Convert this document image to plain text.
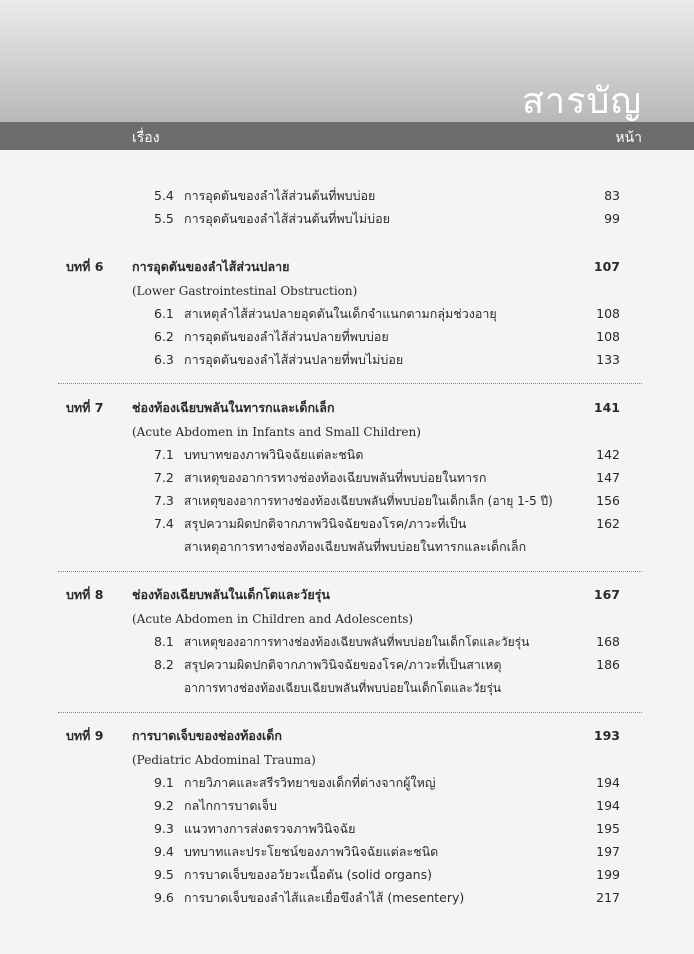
สารบัญ
เรื่อง	หน้า
5.4 การอุดตันของลำไส้ส่วนต้นที่พบบ่อย	83
5.5 การอุดตันของลำไส้ส่วนต้นที่พบไม่บ่อย	99
บทที่ 6 การอุดตันของลำไส้ส่วนปลาย	107
(Lower Gastrointestinal Obstruction)
6.1 สาเหตุลำไส้ส่วนปลายอุดตันในเด็กจำแนกตามกลุ่มช่วงอายุ	108
6.2 การอุดตันของลำไส้ส่วนปลายที่พบบ่อย	108
6.3 การอุดตันของลำไส้ส่วนปลายที่พบไม่บ่อย	133
บทที่ 7 ช่องท้องเฉียบพลันในทารกและเด็กเล็ก	141
(Acute Abdomen in Infants and Small Children)
7.1 บทบาทของภาพวินิจฉัยแต่ละชนิด	142
7.2 สาเหตุของอาการทางช่องท้องเฉียบพลันที่พบบ่อยในทารก	147
7.3 สาเหตุของอาการทางช่องท้องเฉียบพลันที่พบบ่อยในเด็กเล็ก (อายุ 1-5 ปี)	156
7.4 สรุปความผิดปกติจากภาพวินิจฉัยของโรค/ภาวะที่เป็น	162
สาเหตุอาการทางช่องท้องเฉียบพลันที่พบบ่อยในทารกและเด็กเล็ก
บทที่ 8 ช่องท้องเฉียบพลันในเด็กโตและวัยรุ่น	167
(Acute Abdomen in Children and Adolescents)
8.1 สาเหตุของอาการทางช่องท้องเฉียบพลันที่พบบ่อยในเด็กโตและวัยรุ่น	168
8.2 สรุปความผิดปกติจากภาพวินิจฉัยของโรค/ภาวะที่เป็นสาเหตุ	186
อาการทางช่องท้องเฉียบเฉียบพลันที่พบบ่อยในเด็กโตและวัยรุ่น
บทที่ 9 การบาดเจ็บของช่องท้องเด็ก	193
(Pediatric Abdominal Trauma)
9.1 กายวิภาคและสรีรวิทยาของเด็กที่ต่างจากผู้ใหญ่	194
9.2 กลไกการบาดเจ็บ	194
9.3 แนวทางการส่งตรวจภาพวินิจฉัย	195
9.4 บทบาทและประโยชน์ของภาพวินิจฉัยแต่ละชนิด	197
9.5 การบาดเจ็บของอวัยวะเนื้อตัน (solid organs)	199
9.6 การบาดเจ็บของลำไส้และเยื่อขึงลำไส้ (mesentery)	217
